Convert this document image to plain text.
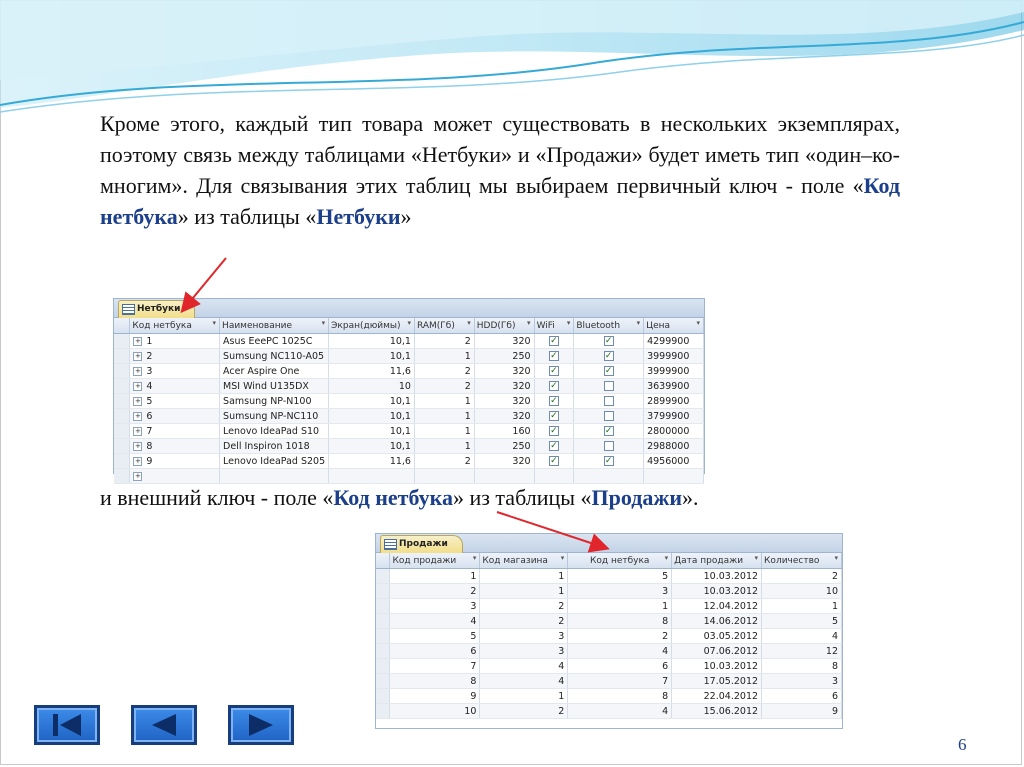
Кроме этого, каждый тип товара может существовать в нескольких экземплярах, поэтому связь между таблицами «Нетбуки» и «Продажи» будет иметь тип «один–ко-многим». Для связывания этих таблиц мы выбираем первичный ключ - поле «Код нетбука» из таблицы «Нетбуки»

Нетбуки
	Код нетбука ▾	Наименование ▾	Экран(дюймы) ▾	RAM(Гб) ▾	HDD(Гб) ▾	WiFi ▾	Bluetooth ▾	Цена ▾

	+ 1	Asus EeePC 1025C	10,1	2	320	✓	✓	4299900
	+ 2	Sumsung NC110-A05	10,1	1	250	✓	✓	3999900
	+ 3	Acer Aspire One	11,6	2	320	✓	✓	3999900
	+ 4	MSI Wind U135DX	10	2	320	✓		3639900
	+ 5	Samsung NP-N100	10,1	1	320	✓		2899900
	+ 6	Sumsung NP-NC110	10,1	1	320	✓		3799900
	+ 7	Lenovo IdeaPad S10	10,1	1	160	✓	✓	2800000
	+ 8	Dell Inspiron 1018	10,1	1	250	✓		2988000
	+ 9	Lenovo IdeaPad S205	11,6	2	320	✓	✓	4956000
	+							

и внешний ключ - поле «Код нетбука» из таблицы «Продажи».

Продажи
	Код продажи ▾	Код магазина ▾	Код нетбука ▾	Дата продажи ▾	Количество ▾

	1	1	5	10.03.2012	2
	2	1	3	10.03.2012	10
	3	2	1	12.04.2012	1
	4	2	8	14.06.2012	5
	5	3	2	03.05.2012	4
	6	3	4	07.06.2012	12
	7	4	6	10.03.2012	8
	8	4	7	17.05.2012	3
	9	1	8	22.04.2012	6
	10	2	4	15.06.2012	9
6
